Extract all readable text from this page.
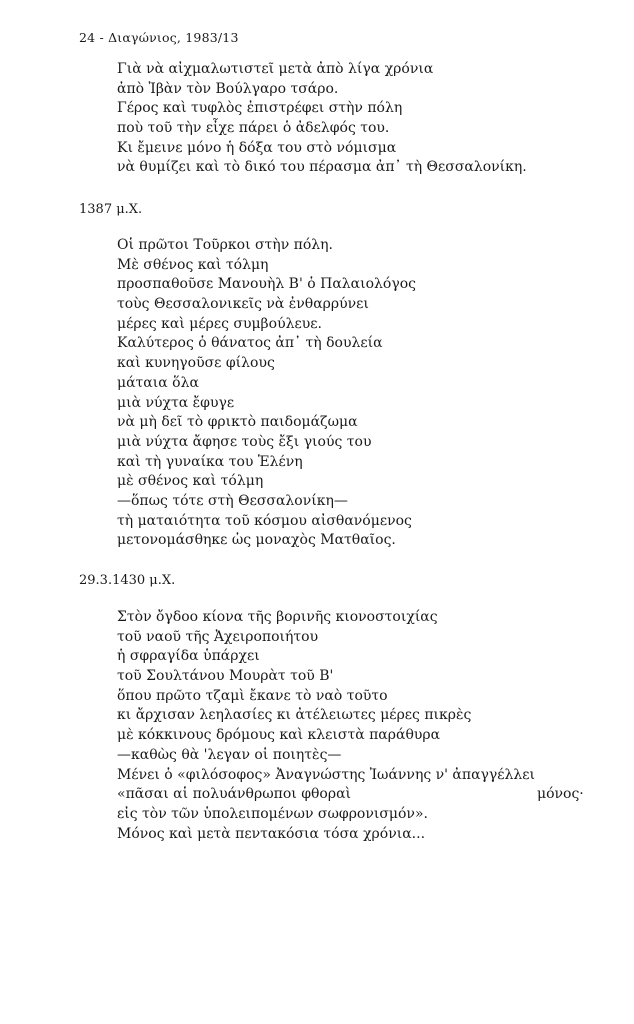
24 - Διαγώνιος, 1983/13
Γιὰ νὰ αἰχμαλωτιστεῖ μετὰ ἀπὸ λίγα χρόνια
ἀπὸ Ἰβὰν τὸν Βούλγαρο τσάρο.
Γέρος καὶ τυφλὸς ἐπιστρέφει στὴν πόλη
ποὺ τοῦ τὴν εἶχε πάρει ὁ ἀδελφός του.
Κι ἔμεινε μόνο ἡ δόξα του στὸ νόμισμα
νὰ θυμίζει καὶ τὸ δικό του πέρασμα ἀπ᾿ τὴ Θεσσαλονίκη.
1387 μ.Χ.
Οἱ πρῶτοι Τοῦρκοι στὴν πόλη.
Μὲ σθένος καὶ τόλμη
προσπαθοῦσε Μανουὴλ Β' ὁ Παλαιολόγος
τοὺς Θεσσαλονικεῖς νὰ ἐνθαρρύνει
μέρες καὶ μέρες συμβούλευε.
Καλύτερος ὁ θάνατος ἀπ᾿ τὴ δουλεία
καὶ κυνηγοῦσε φίλους
μάταια ὅλα
μιὰ νύχτα ἔφυγε
νὰ μὴ δεῖ τὸ φρικτὸ παιδομάζωμα
μιὰ νύχτα ἄφησε τοὺς ἔξι γιούς του
καὶ τὴ γυναίκα του Ἑλένη
μὲ σθένος καὶ τόλμη
—ὅπως τότε στὴ Θεσσαλονίκη—
τὴ ματαιότητα τοῦ κόσμου αἰσθανόμενος
μετονομάσθηκε ὡς μοναχὸς Ματθαῖος.
29.3.1430 μ.Χ.
Στὸν ὄγδοο κίονα τῆς βορινῆς κιονοστοιχίας
τοῦ ναοῦ τῆς Ἀχειροποιήτου
ἡ σφραγίδα ὑπάρχει
τοῦ Σουλτάνου Μουρὰτ τοῦ Β'
ὅπου πρῶτο τζαμὶ ἔκανε τὸ ναὸ τοῦτο
κι ἄρχισαν λεηλασίες κι ἀτέλειωτες μέρες πικρὲς
μὲ κόκκινους δρόμους καὶ κλειστὰ παράθυρα
—καθὼς θὰ 'λεγαν οἱ ποιητὲς—
Μένει ὁ «φιλόσοφος» Ἀναγνώστης Ἰωάννης ν' ἀπαγγέλλει
«πᾶσαι αἱ πολυάνθρωποι φθοραὶ	μόνος·
εἰς τὸν τῶν ὑπολειπομένων σωφρονισμόν».
Μόνος καὶ μετὰ πεντακόσια τόσα χρόνια...
